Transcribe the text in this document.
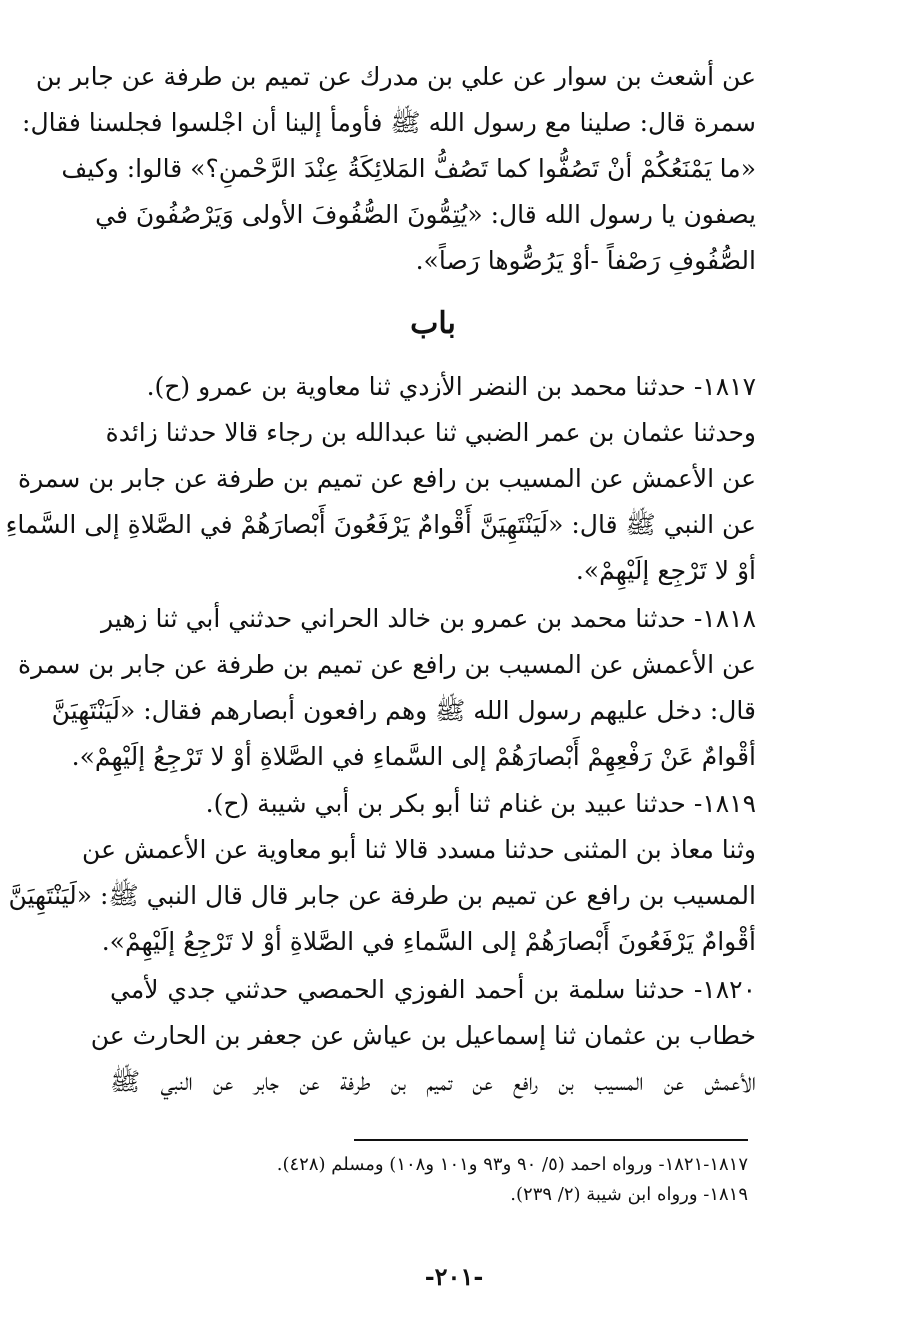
عن أشعث بن سوار عن علي بن مدرك عن تميم بن طرفة عن جابر بن
سمرة قال: صلينا مع رسول الله ﷺ فأومأ إلينا أن اجْلسوا فجلسنا فقال:
«ما يَمْنَعُكُمْ أنْ تَصُفُّوا كما تَصُفُّ المَلائِكَةُ عِنْدَ الرَّحْمنِ؟» قالوا: وكيف
يصفون يا رسول الله قال: «يُتِمُّونَ الصُّفُوفَ الأولى وَيَرْصُفُونَ في
الصُّفُوفِ رَصْفاً -أوْ يَرُصُّوها رَصاً».
باب
١٨١٧- حدثنا محمد بن النضر الأزدي ثنا معاوية بن عمرو (ح).
وحدثنا عثمان بن عمر الضبي ثنا عبدالله بن رجاء قالا حدثنا زائدة
عن الأعمش عن المسيب بن رافع عن تميم بن طرفة عن جابر بن سمرة
عن النبي ﷺ قال: «لَيَنْتَهِيَنَّ أَقْوامٌ يَرْفَعُونَ أَبْصارَهُمْ في الصَّلاةِ إلى السَّماءِ
أوْ لا تَرْجِع إلَيْهِمْ».
١٨١٨- حدثنا محمد بن عمرو بن خالد الحراني حدثني أبي ثنا زهير
عن الأعمش عن المسيب بن رافع عن تميم بن طرفة عن جابر بن سمرة
قال: دخل عليهم رسول الله ﷺ وهم رافعون أبصارهم فقال: «لَيَنْتَهِيَنَّ
أقْوامٌ عَنْ رَفْعِهِمْ أَبْصارَهُمْ إلى السَّماءِ في الصَّلاةِ أوْ لا تَرْجِعُ إلَيْهِمْ».
١٨١٩- حدثنا عبيد بن غنام ثنا أبو بكر بن أبي شيبة (ح).
وثنا معاذ بن المثنى حدثنا مسدد قالا ثنا أبو معاوية عن الأعمش عن
المسيب بن رافع عن تميم بن طرفة عن جابر قال قال النبي ﷺ: «لَيَنْتَهِيَنَّ
أقْوامٌ يَرْفَعُونَ أَبْصارَهُمْ إلى السَّماءِ في الصَّلاةِ أوْ لا تَرْجِعُ إلَيْهِمْ».
١٨٢٠- حدثنا سلمة بن أحمد الفوزي الحمصي حدثني جدي لأمي
خطاب بن عثمان ثنا إسماعيل بن عياش عن جعفر بن الحارث عن
الأعمش عن المسيب بن رافع عن تميم بن طرفة عن جابر عن النبي ﷺ
١٨١٧-١٨٢١- ورواه احمد (٥/ ٩٠ و٩٣ و١٠١ و١٠٨) ومسلم (٤٢٨).
١٨١٩- ورواه ابن شيبة (٢/ ٢٣٩).
-٢٠١-
